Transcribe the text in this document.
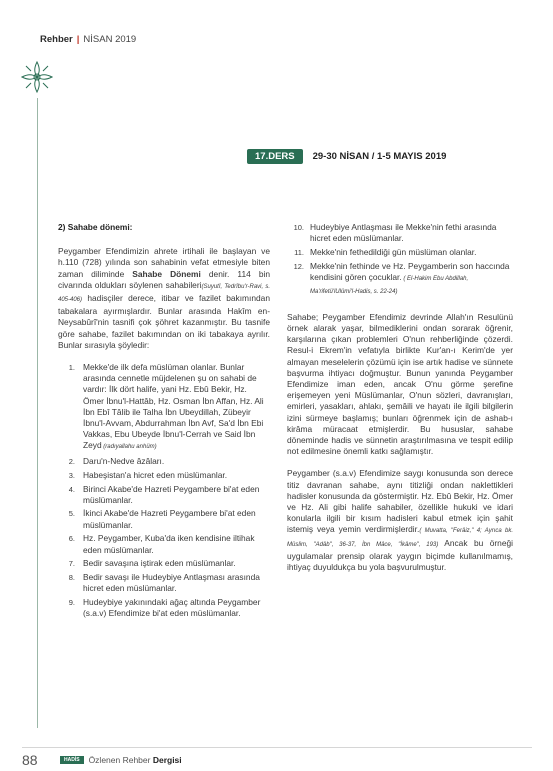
Rehber | NİSAN 2019
17.DERS	29-30 NİSAN / 1-5 MAYIS 2019

2) Sahabe dönemi:

Peygamber Efendimizin ahrete irtihali ile başlayan ve h.110 (728) yılında son sahabinin vefat etmesiyle biten zaman diliminde Sahabe Dönemi denir. 114 bin civarında oldukları söylenen sahabileri(Suyutî, Tedrîbu'r-Ravi, s. 405-406) hadisçiler derece, itibar ve fazilet bakımından tabakalara ayırmışlardır. Bunlar arasında Hakîm en-Neysabûrî'nin tasnifi çok şöhret kazanmıştır. Bu tasnife göre sahabe, fazilet bakımından on iki tabakaya ayrılır. Bunlar sırasıyla şöyledir:

1. Mekke'de ilk defa müslüman olanlar. Bunlar arasında cennetle müjdelenen şu on sahabi de vardır: İlk dört halife, yani Hz. Ebû Bekir, Hz. Ömer İbnu'l-Hattâb, Hz. Osman İbn Affan, Hz. Ali İbn Ebî Tâlib ile Talha İbn Ubeydillah, Zübeyir İbnu'l-Avvam, Abdurrahman İbn Avf, Sa'd İbn Ebi Vakkas, Ebu Ubeyde İbnu'l-Cerrah ve Said İbn Zeyd (radıyallahu anhüm)
2. Daru'n-Nedve âzâları.
3. Habeşistan'a hicret eden müslümanlar.
4. Birinci Akabe'de Hazreti Peygambere bi'at eden müslümanlar.
5. İkinci Akabe'de Hazreti Peygambere bi'at eden müslümanlar.
6. Hz. Peygamber, Kuba'da iken kendisine iltihak eden müslümanlar.
7. Bedir savaşına iştirak eden müslümanlar.
8. Bedir savaşı ile Hudeybiye Antlaşması arasında hicret eden müslümanlar.
9. Hudeybiye yakınındaki ağaç altında Peygamber (s.a.v) Efendimize bi'at eden müslümanlar.
10. Hudeybiye Antlaşması ile Mekke'nin fethi arasında hicret eden müslümanlar.
11. Mekke'nin fethedildiği gün müslüman olanlar.
12. Mekke'nin fethinde ve Hz. Peygamberin son haccında kendisini gören çocuklar. ( El-Hakim Ebu Abdillah, Ma'rifetü'lUlûmi'l-Hadis, s. 22-24)

Sahabe; Peygamber Efendimiz devrinde Allah'ın Resulünü örnek alarak yaşar, bilmediklerini ondan sorarak öğrenir, karşılarına çıkan problemleri O'nun rehberliğinde çözerdi. Resul-i Ekrem'in vefatıyla birlikte Kur'an-ı Kerim'de yer almayan meselelerin çözümü için ise artık hadise ve sünnete başvurma ihtiyacı doğmuştur. Bunun yanında Peygamber Efendimize iman eden, ancak O'nu görme şerefine erişemeyen yeni Müslümanlar, O'nun sözleri, davranışları, emirleri, yasakları, ahlakı, şemâili ve hayatı ile ilgili bilgilerin izini sürmeye başlamış; bunları öğrenmek için de ashab-ı kirâma müracaat etmişlerdir. Bu hususlar, sahabe döneminde hadis ve sünnetin araştırılmasına ve tespit edilip not edilmesine önemli katkı sağlamıştır.

Peygamber (s.a.v) Efendimize saygı konusunda son derece titiz davranan sahabe, aynı titizliği ondan naklettikleri hadisler konusunda da göstermiştir. Hz. Ebû Bekir, Hz. Ömer ve Hz. Ali gibi halife sahabiler, özellikle hukuki ve idari konularla ilgili bir kısım hadisleri kabul etmek için şahit istemiş veya yemin verdirmişlerdir.( Muvatta, "Ferâiz," 4; Ayrıca bk. Müslim, "Adâb", 36-37, İbn Mâce, "İkâme", 193) Ancak bu örneği uygulamalar prensip olarak yaygın biçimde kullanılmamış, ihtiyaç duyuldukça bu yola başvurulmuştur.

88	HADİS	Özlenen Rehber Dergisi
